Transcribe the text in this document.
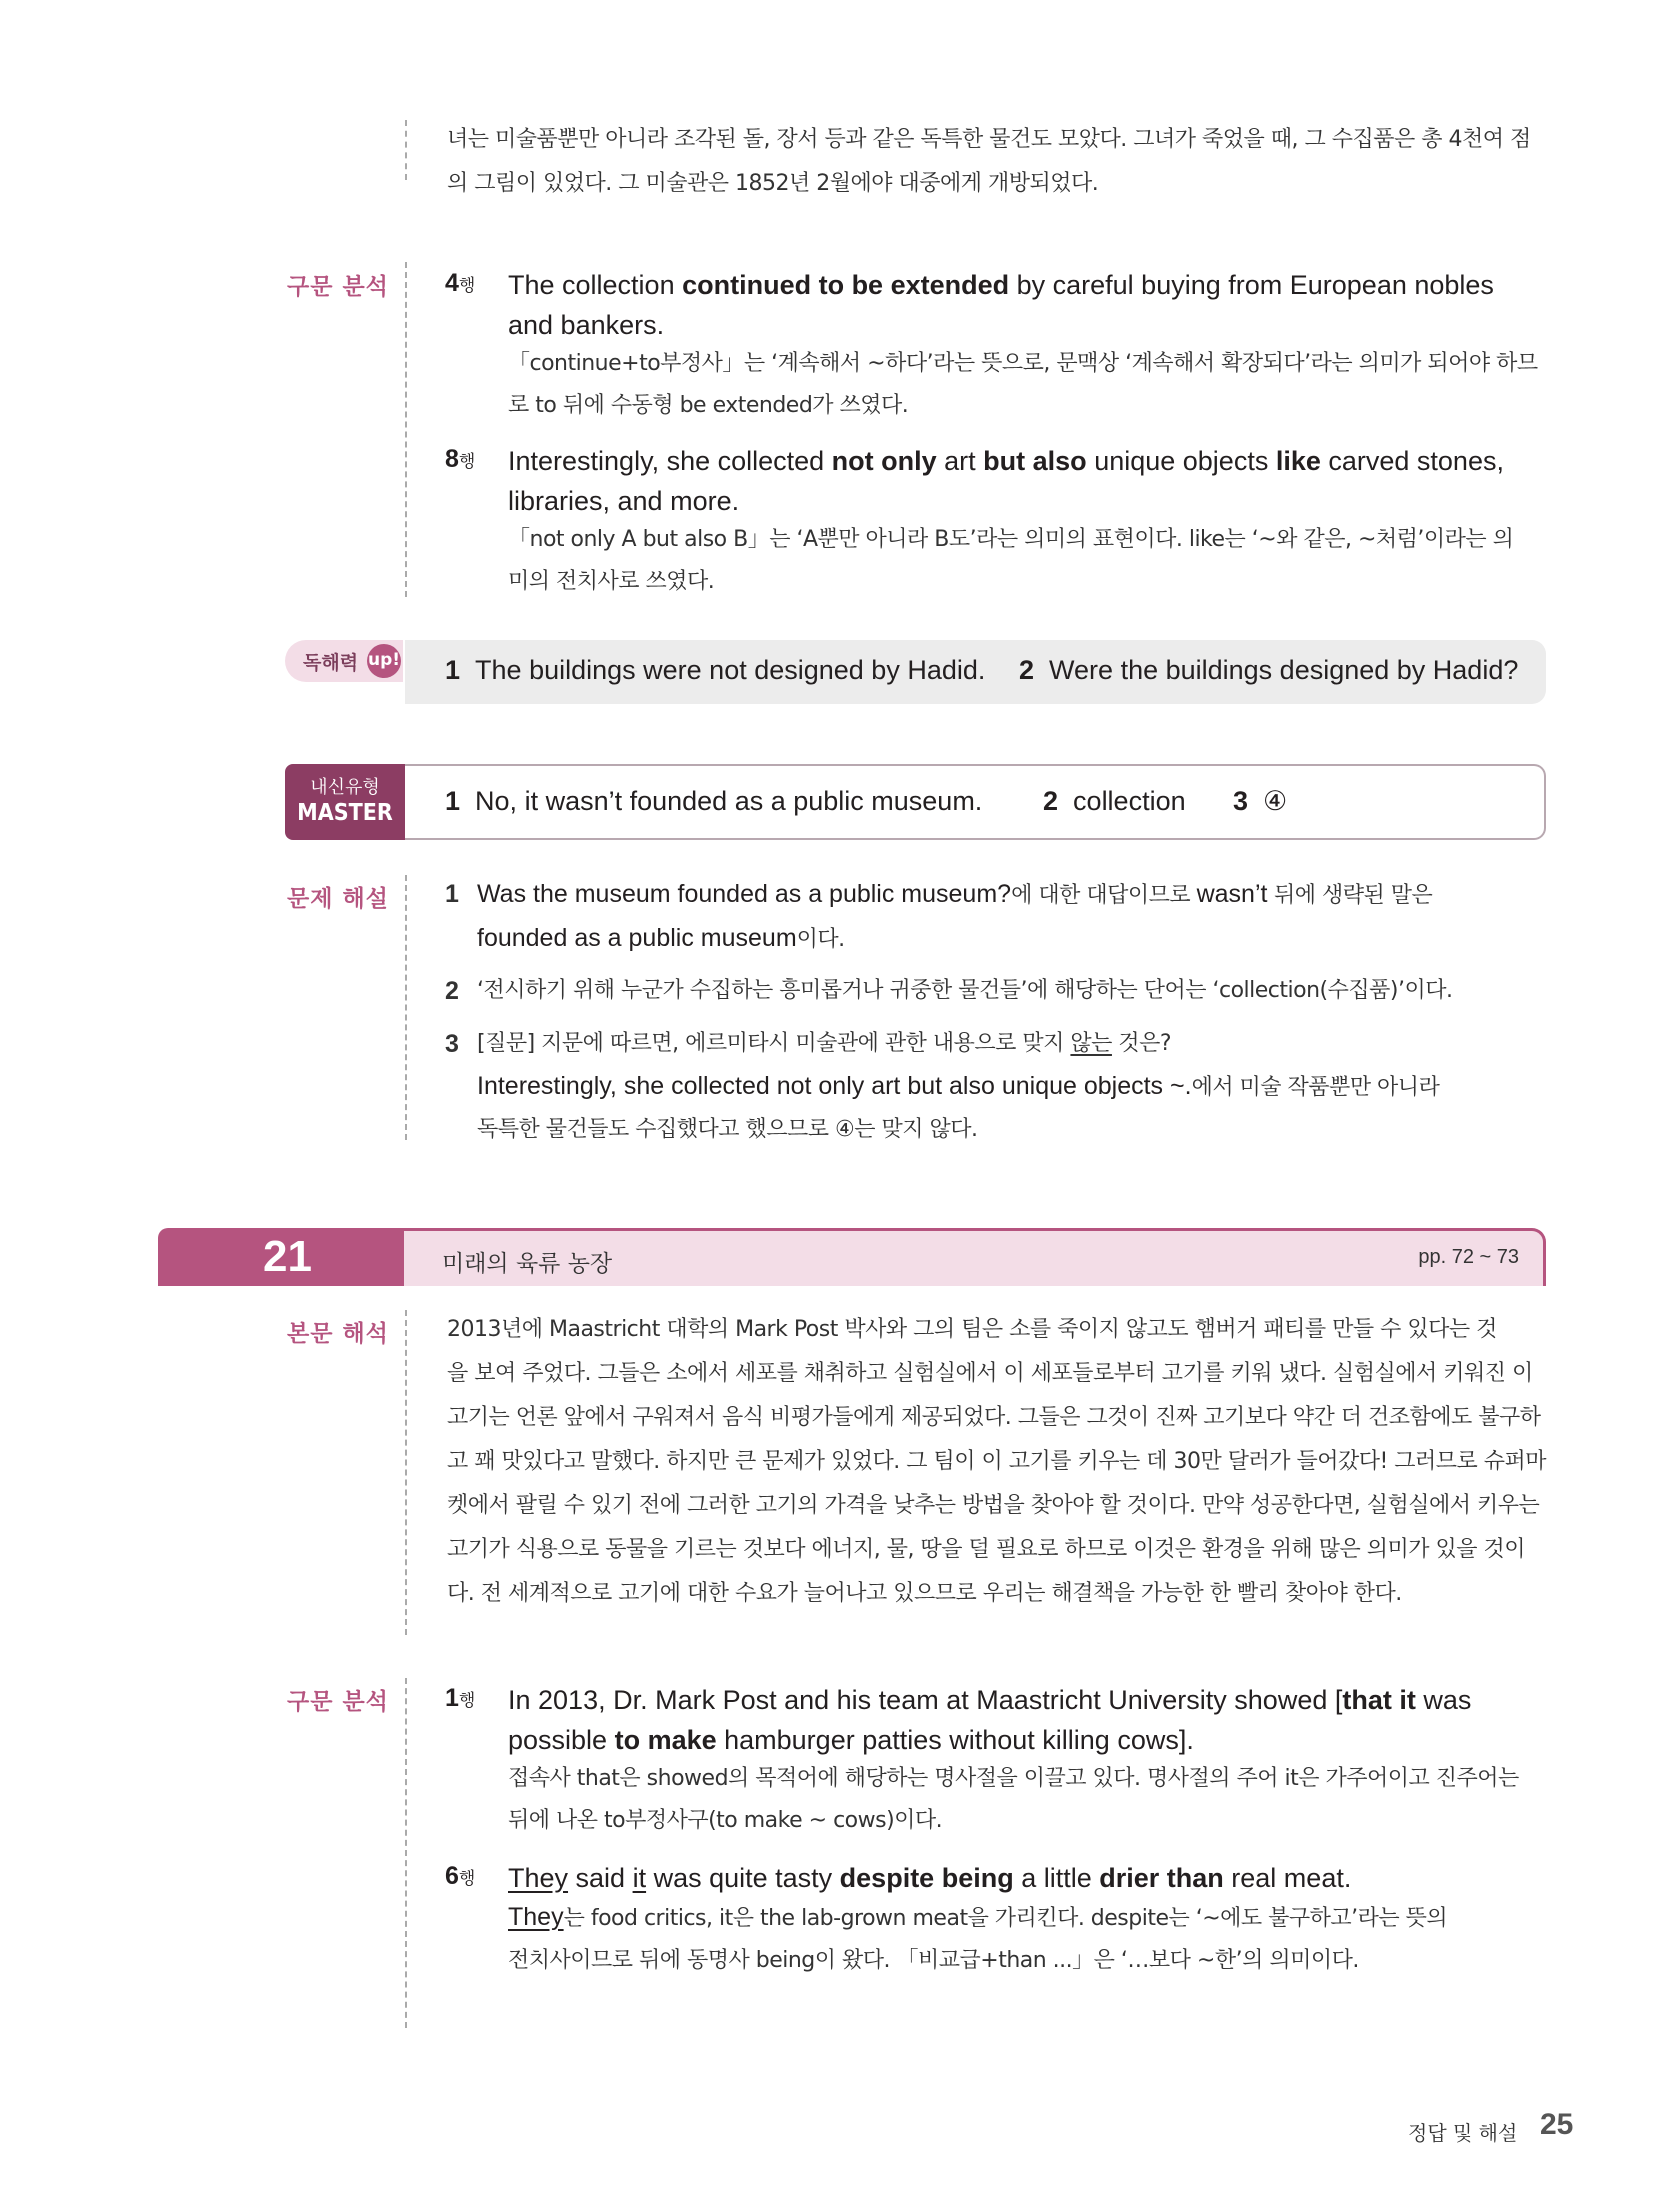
녀는 미술품뿐만 아니라 조각된 돌, 장서 등과 같은 독특한 물건도 모았다. 그녀가 죽었을 때, 그 수집품은 총 4천여 점
의 그림이 있었다. 그 미술관은 1852년 2월에야 대중에게 개방되었다.
구문 분석 4행 The collection continued to be extended by careful buying from European nobles
and bankers.
「continue+to부정사」는 ‘계속해서 ~하다’라는 뜻으로, 문맥상 ‘계속해서 확장되다’라는 의미가 되어야 하므
로 to 뒤에 수동형 be extended가 쓰였다.
8행 Interestingly, she collected not only art but also unique objects like carved stones,
libraries, and more.
「not only A but also B」는 ‘A뿐만 아니라 B도’라는 의미의 표현이다. like는 ‘~와 같은, ~처럼’이라는 의
미의 전치사로 쓰였다.
독해력 up! 1 The buildings were not designed by Hadid. 2 Were the buildings designed by Hadid?
내신유형
MASTER	1 No, it wasn’t founded as a public museum. 2 collection 3 ④
문제 해설 1 Was the museum founded as a public museum?에 대한 대답이므로 wasn’t 뒤에 생략된 말은
founded as a public museum이다.
2 ‘전시하기 위해 누군가 수집하는 흥미롭거나 귀중한 물건들’에 해당하는 단어는 ‘collection(수집품)’이다.
3 [질문] 지문에 따르면, 에르미타시 미술관에 관한 내용으로 맞지 않는 것은?
Interestingly, she collected not only art but also unique objects ~.에서 미술 작품뿐만 아니라
독특한 물건들도 수집했다고 했으므로 ④는 맞지 않다.
21	미래의 육류 농장	pp. 72 ~ 73
본문 해석	2013년에 Maastricht 대학의 Mark Post 박사와 그의 팀은 소를 죽이지 않고도 햄버거 패티를 만들 수 있다는 것
을 보여 주었다. 그들은 소에서 세포를 채취하고 실험실에서 이 세포들로부터 고기를 키워 냈다. 실험실에서 키워진 이
고기는 언론 앞에서 구워져서 음식 비평가들에게 제공되었다. 그들은 그것이 진짜 고기보다 약간 더 건조함에도 불구하
고 꽤 맛있다고 말했다. 하지만 큰 문제가 있었다. 그 팀이 이 고기를 키우는 데 30만 달러가 들어갔다! 그러므로 슈퍼마
켓에서 팔릴 수 있기 전에 그러한 고기의 가격을 낮추는 방법을 찾아야 할 것이다. 만약 성공한다면, 실험실에서 키우는
고기가 식용으로 동물을 기르는 것보다 에너지, 물, 땅을 덜 필요로 하므로 이것은 환경을 위해 많은 의미가 있을 것이
다. 전 세계적으로 고기에 대한 수요가 늘어나고 있으므로 우리는 해결책을 가능한 한 빨리 찾아야 한다.
구문 분석 1행 In 2013, Dr. Mark Post and his team at Maastricht University showed [that it was
possible to make hamburger patties without killing cows].
접속사 that은 showed의 목적어에 해당하는 명사절을 이끌고 있다. 명사절의 주어 it은 가주어이고 진주어는
뒤에 나온 to부정사구(to make ~ cows)이다.
6행 They said it was quite tasty despite being a little drier than real meat.
They는 food critics, it은 the lab-grown meat을 가리킨다. despite는 ‘~에도 불구하고’라는 뜻의
전치사이므로 뒤에 동명사 being이 왔다. 「비교급+than ...」은 ‘…보다 ~한’의 의미이다.
정답 및 해설 25
